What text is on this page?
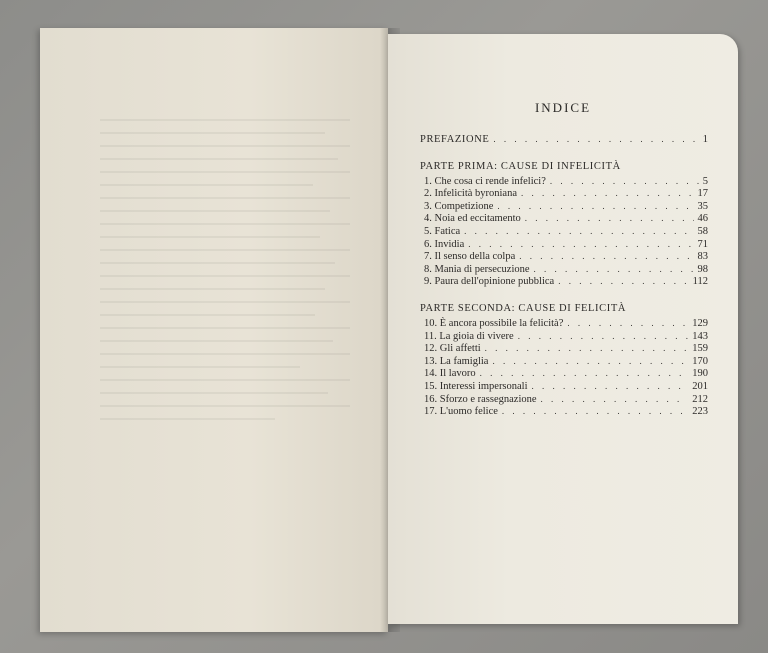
INDICE
PREFAZIONE . . .	1
PARTE PRIMA: CAUSE DI INFELICITÀ
1. Che cosa ci rende infelici? . . .	5
2. Infelicità byroniana . . .	17
3. Competizione . . .	35
4. Noia ed eccitamento . . .	46
5. Fatica . . .	58
6. Invidia . . .	71
7. Il senso della colpa . . .	83
8. Mania di persecuzione . . .	98
9. Paura dell'opinione pubblica . . .	112
PARTE SECONDA: CAUSE DI FELICITÀ
10. È ancora possibile la felicità? . . .	129
11. La gioia di vivere . . .	143
12. Gli affetti . . .	159
13. La famiglia . . .	170
14. Il lavoro . . .	190
15. Interessi impersonali . . .	201
16. Sforzo e rassegnazione . . .	212
17. L'uomo felice . . .	223
